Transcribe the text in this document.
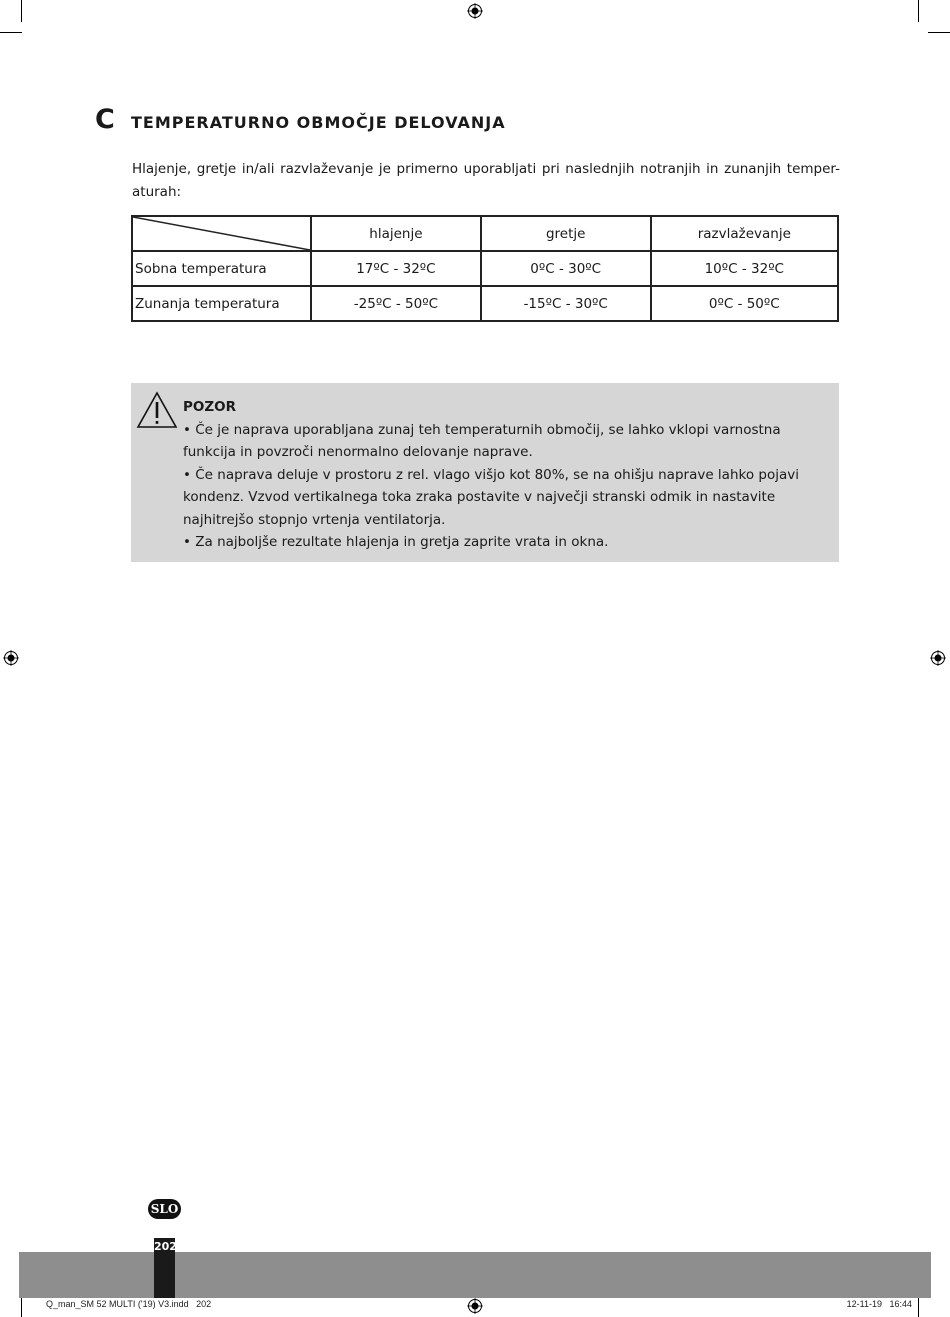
C	TEMPERATURNO OBMOČJE DELOVANJA

Hlajenje, gretje in/ali razvlaževanje je primerno uporabljati pri naslednjih notranjih in zunanjih temper-aturah:

	hlajenje	gretje	razvlaževanje
Sobna temperatura	17ºC - 32ºC	0ºC - 30ºC	10ºC - 32ºC
Zunanja temperatura	-25ºC - 50ºC	-15ºC - 30ºC	0ºC - 50ºC
POZOR
• Če je naprava uporabljana zunaj teh temperaturnih območij, se lahko vklopi varnostna funkcija in povzroči nenormalno delovanje naprave.
• Če naprava deluje v prostoru z rel. vlago višjo kot 80%, se na ohišju naprave lahko pojavi kondenz. Vzvod vertikalnega toka zraka postavite v največji stranski odmik in nastavite najhitrejšo stopnjo vrtenja ventilatorja.
• Za najboljše rezultate hlajenja in gretja zaprite vrata in okna.
SLO
202
Q_man_SM 52 MULTI ('19) V3.indd   202	12-11-19   16:44
